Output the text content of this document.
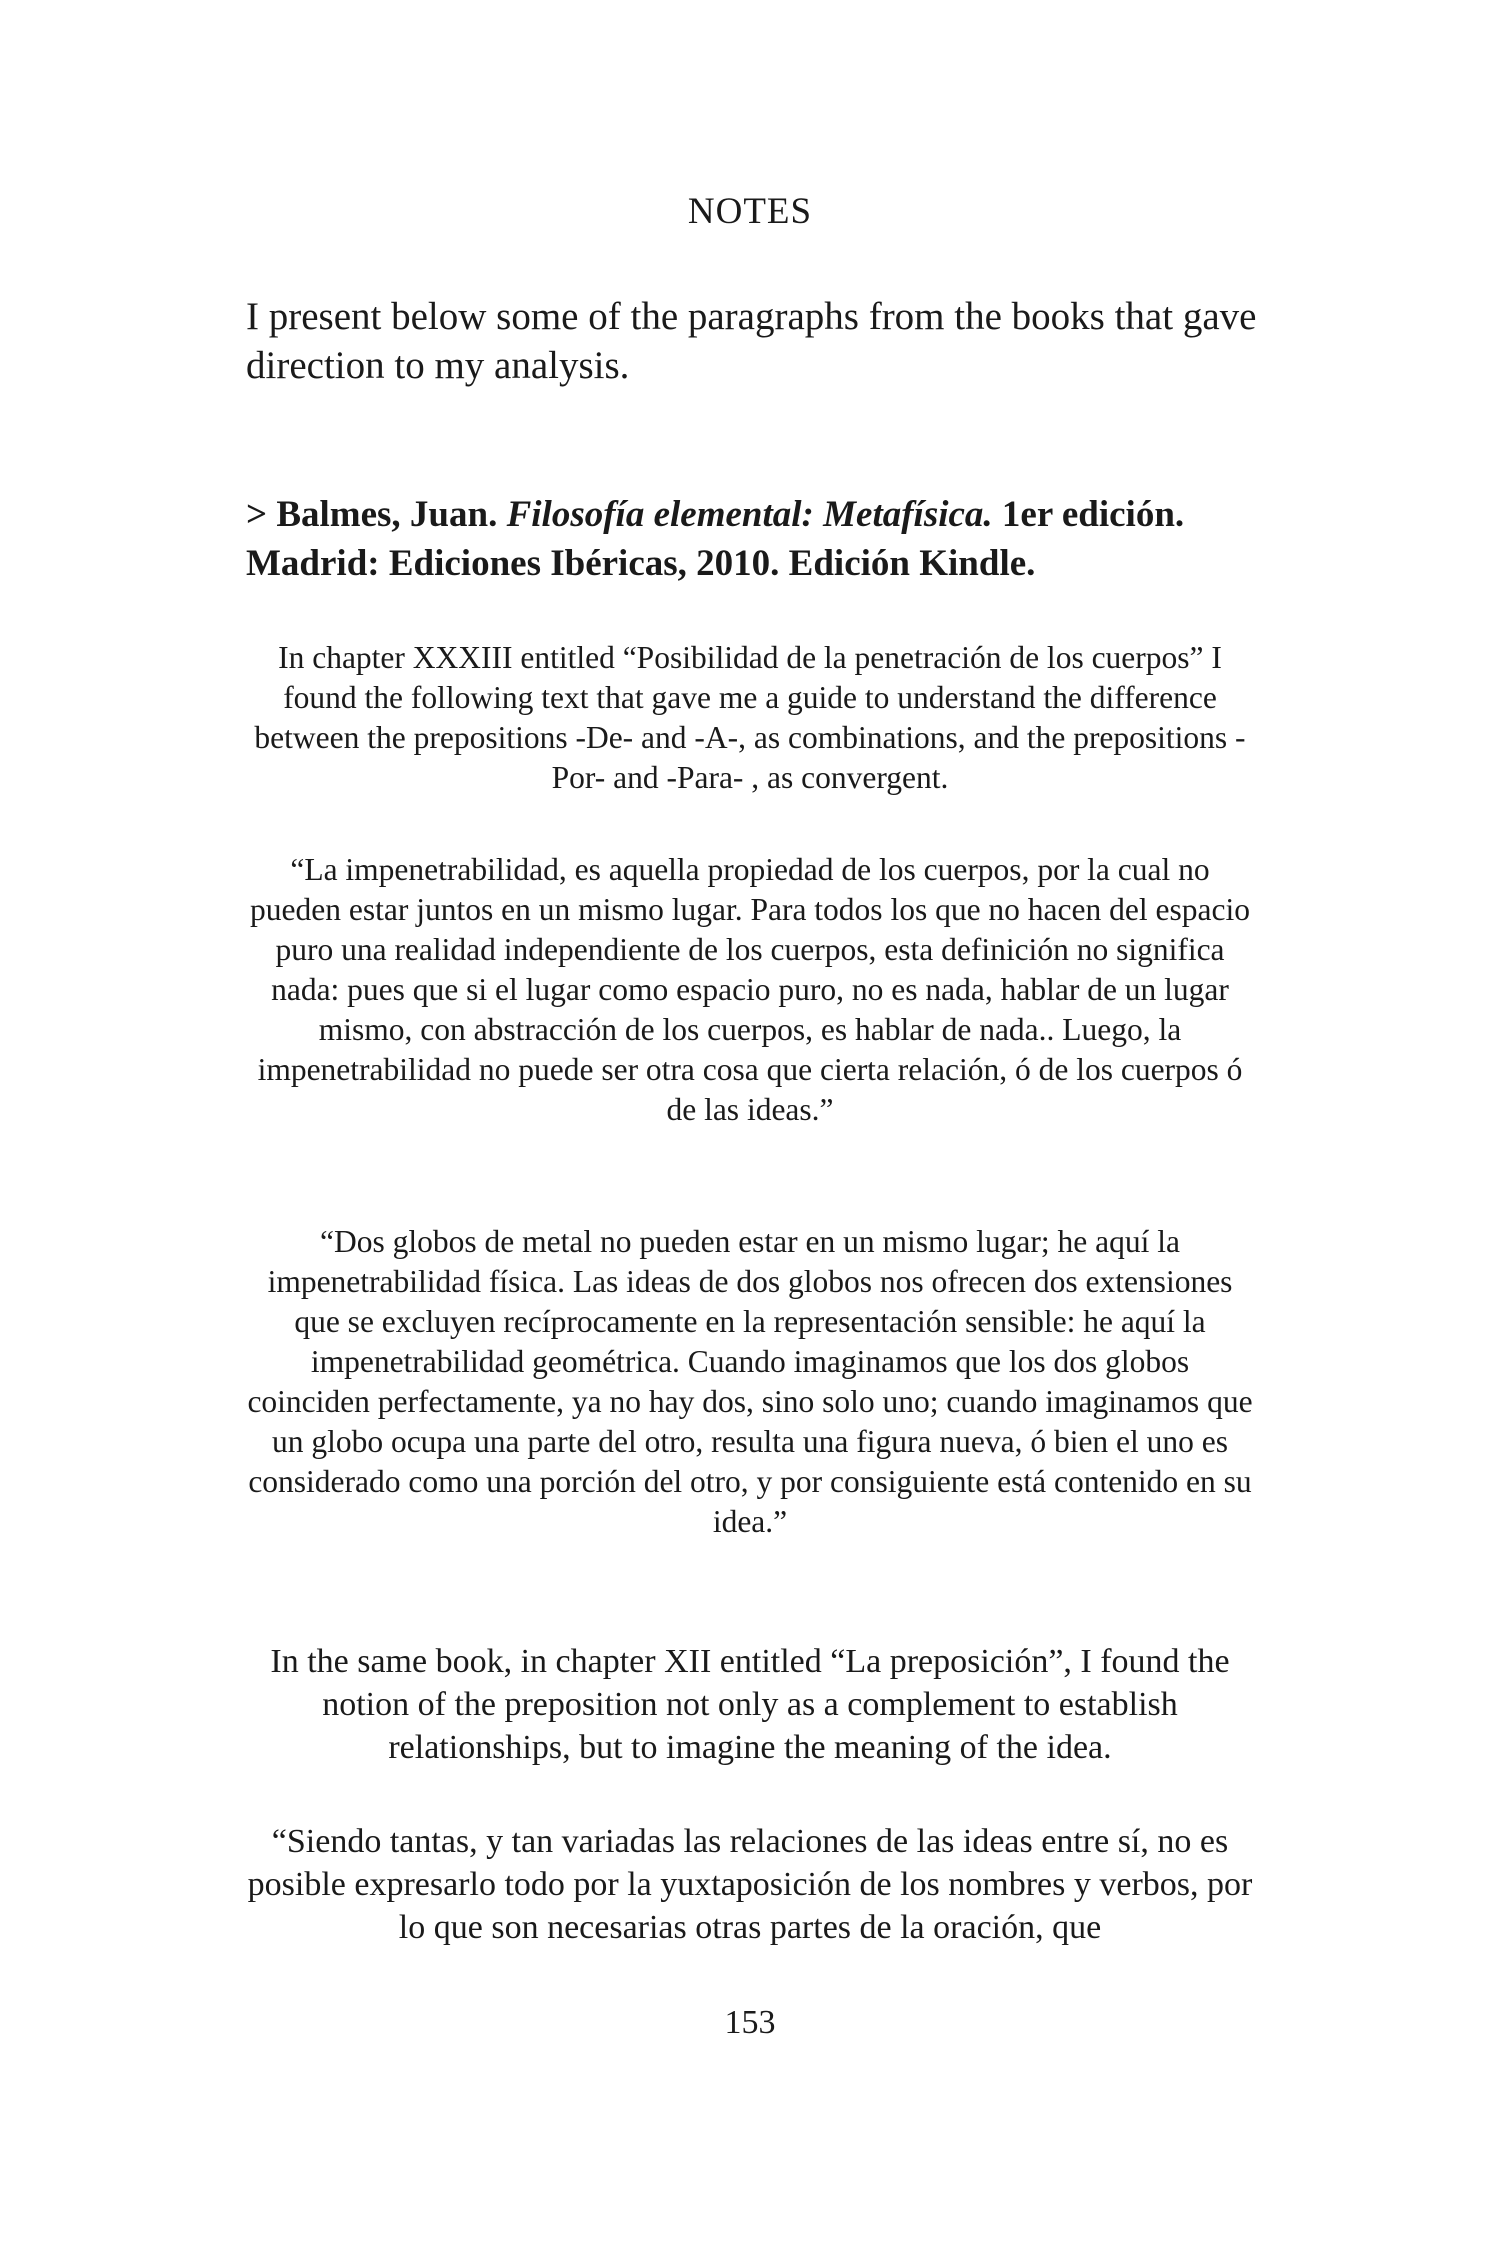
NOTES

I present below some of the paragraphs from the books that gave direction to my analysis.

> Balmes, Juan. Filosofía elemental: Metafísica. 1er edición. Madrid: Ediciones Ibéricas, 2010. Edición Kindle.

In chapter XXXIII entitled “Posibilidad de la penetración de los cuerpos” I found the following text that gave me a guide to understand the difference between the prepositions -De- and -A-, as combinations, and the prepositions -Por- and -Para- , as convergent.

“La impenetrabilidad, es aquella propiedad de los cuerpos, por la cual no pueden estar juntos en un mismo lugar. Para todos los que no hacen del espacio puro una realidad independiente de los cuerpos, esta definición no significa nada: pues que si el lugar como espacio puro, no es nada, hablar de un lugar mismo, con abstracción de los cuerpos, es hablar de nada.. Luego, la impenetrabilidad no puede ser otra cosa que cierta relación, ó de los cuerpos ó de las ideas.”

“Dos globos de metal no pueden estar en un mismo lugar; he aquí la impenetrabilidad física. Las ideas de dos globos nos ofrecen dos extensiones que se excluyen recíprocamente en la representación sensible: he aquí la impenetrabilidad geométrica. Cuando imaginamos que los dos globos coinciden perfectamente, ya no hay dos, sino solo uno; cuando imaginamos que un globo ocupa una parte del otro, resulta una figura nueva, ó bien el uno es considerado como una porción del otro, y por consiguiente está contenido en su idea.”

In the same book, in chapter XII entitled “La preposición”, I found the notion of the preposition not only as a complement to establish relationships, but to imagine the meaning of the idea.

“Siendo tantas, y tan variadas las relaciones de las ideas entre sí, no es posible expresarlo todo por la yuxtaposición de los nombres y verbos, por lo que son necesarias otras partes de la oración, que

153
